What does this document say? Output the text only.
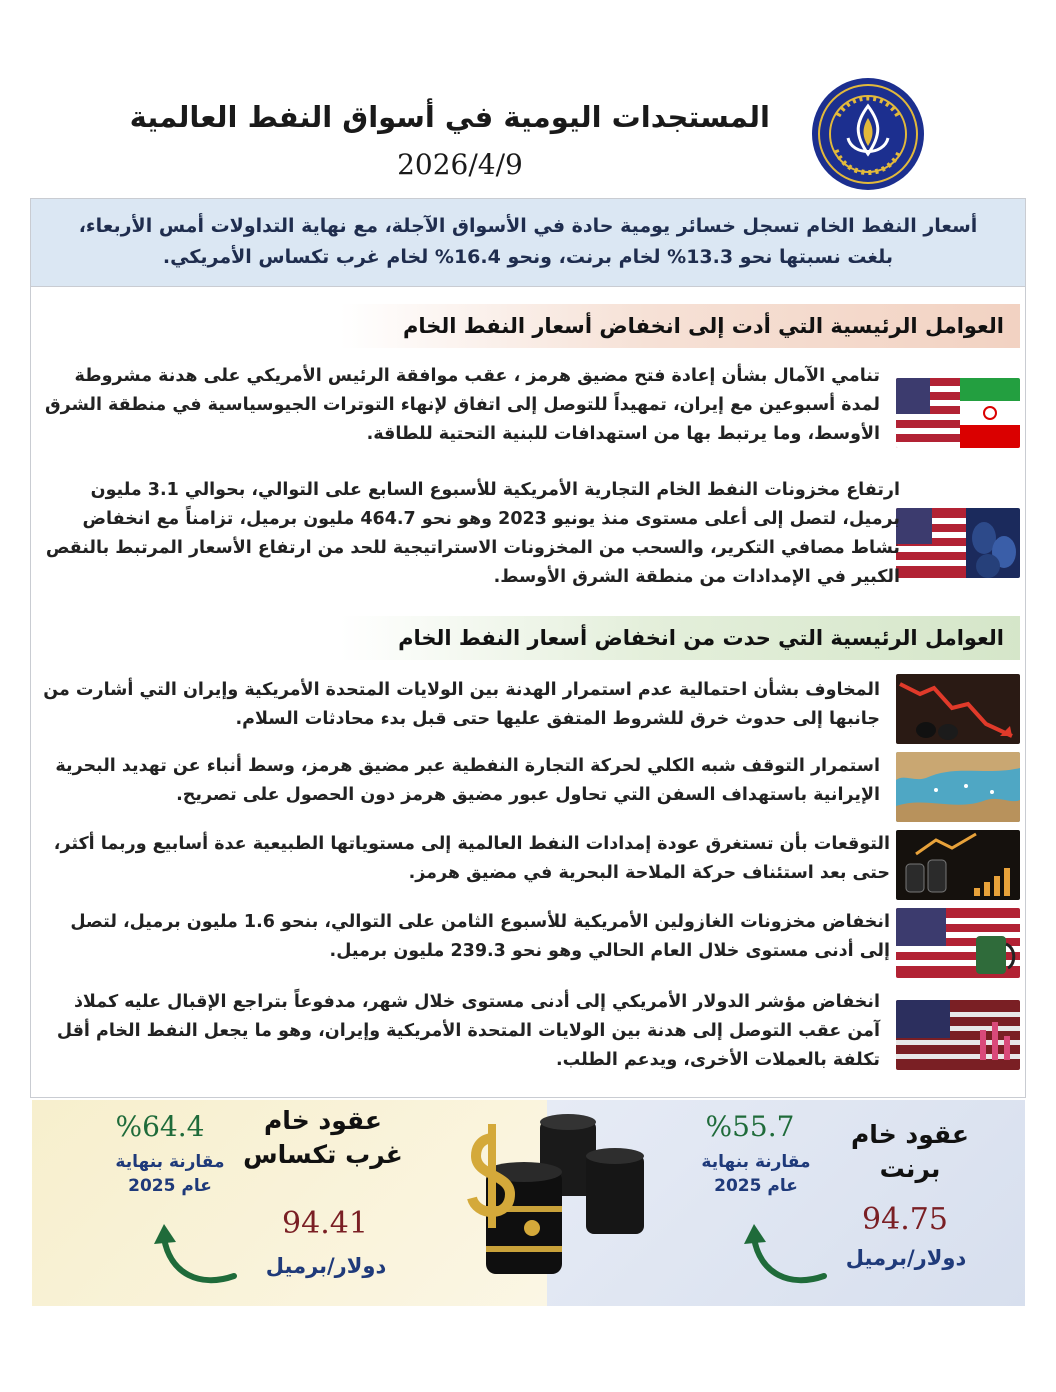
المستجدات اليومية في أسواق النفط العالمية
2026/4/9
أسعار النفط الخام تسجل خسائر يومية حادة في الأسواق الآجلة، مع نهاية التداولات أمس الأربعاء،
بلغت نسبتها نحو 13.3% لخام برنت، ونحو 16.4% لخام غرب تكساس الأمريكي.
العوامل الرئيسية التي أدت إلى انخفاض أسعار النفط الخام
تنامي الآمال بشأن إعادة فتح مضيق هرمز ، عقب موافقة الرئيس الأمريكي على هدنة مشروطة لمدة أسبوعين مع إيران، تمهيداً للتوصل إلى اتفاق لإنهاء التوترات الجيوسياسية في منطقة الشرق الأوسط، وما يرتبط بها من استهدافات للبنية التحتية للطاقة.
ارتفاع مخزونات النفط الخام التجارية الأمريكية للأسبوع السابع على التوالي، بحوالي 3.1 مليون برميل، لتصل إلى أعلى مستوى منذ يونيو 2023 وهو نحو 464.7 مليون برميل، تزامناً مع انخفاض نشاط مصافي التكرير، والسحب من المخزونات الاستراتيجية للحد من ارتفاع الأسعار المرتبط بالنقص الكبير في الإمدادات من منطقة الشرق الأوسط.
العوامل الرئيسية التي حدت من انخفاض أسعار النفط الخام
المخاوف بشأن احتمالية عدم استمرار الهدنة بين الولايات المتحدة الأمريكية وإيران التي أشارت من جانبها إلى حدوث خرق للشروط المتفق عليها حتى قبل بدء محادثات السلام.
استمرار التوقف شبه الكلي لحركة التجارة النفطية عبر مضيق هرمز، وسط أنباء عن تهديد البحرية الإيرانية باستهداف السفن التي تحاول عبور مضيق هرمز دون الحصول على تصريح.
التوقعات بأن تستغرق عودة إمدادات النفط العالمية إلى مستوياتها الطبيعية عدة أسابيع وربما أكثر، حتى بعد استئناف حركة الملاحة البحرية في مضيق هرمز.
انخفاض مخزونات الغازولين الأمريكية للأسبوع الثامن على التوالي، بنحو 1.6 مليون برميل، لتصل إلى أدنى مستوى خلال العام الحالي وهو نحو 239.3 مليون برميل.
انخفاض مؤشر الدولار الأمريكي إلى أدنى مستوى خلال شهر، مدفوعاً بتراجع الإقبال عليه كملاذ آمن عقب التوصل إلى هدنة بين الولايات المتحدة الأمريكية وإيران، وهو ما يجعل النفط الخام أقل تكلفة بالعملات الأخرى، ويدعم الطلب.
عقود خام
غرب تكساس
%64.4
مقارنة بنهاية
عام 2025
94.41
دولار/برميل
عقود خام
برنت
%55.7
مقارنة بنهاية
عام 2025
94.75
دولار/برميل
